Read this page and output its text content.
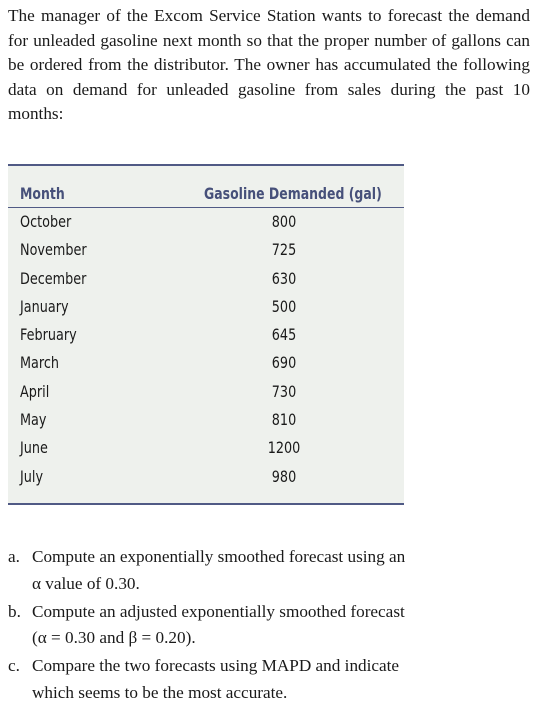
The manager of the Excom Service Station wants to forecast the demand for unleaded gasoline next month so that the proper number of gallons can be ordered from the distributor. The owner has accumulated the following data on demand for unleaded gasoline from sales during the past 10 months:

Month	Gasoline Demanded (gal)
October	800
November	725
December	630
January	500
February	645
March	690
April	730
May	810
June	1200
July	980
a. Compute an exponentially smoothed forecast using an
α value of 0.30.
b. Compute an adjusted exponentially smoothed forecast
(α = 0.30 and β = 0.20).
c. Compare the two forecasts using MAPD and indicate
which seems to be the most accurate.
